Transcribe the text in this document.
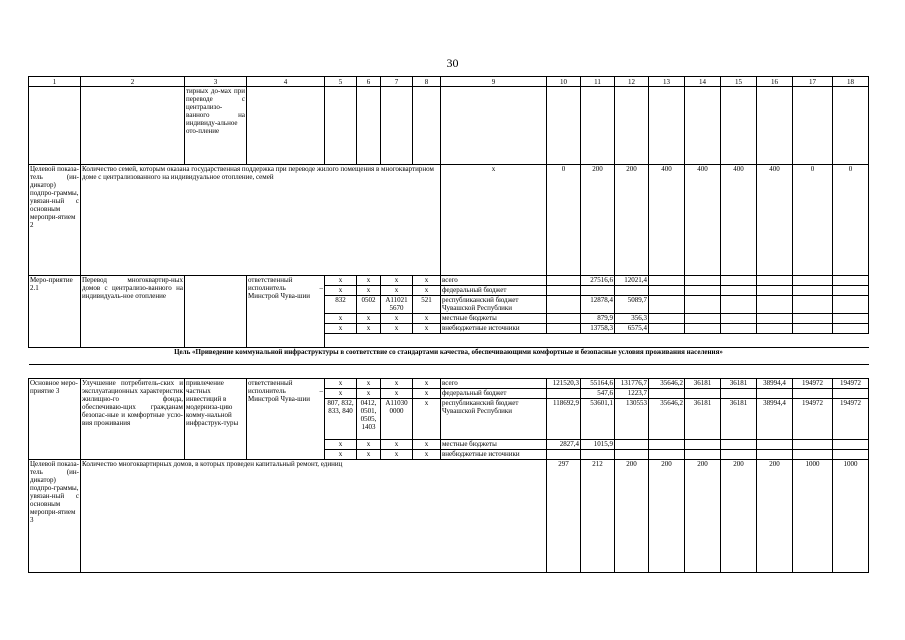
30
1	2	3	4	5	6	7	8	9	10	11	12	13	14	15	16	17	18
		тирных до-мах при переводе с централизо-ванного на индивиду-альное ото-пление															
Целевой показа-тель (ин-дикатор) подпро-граммы, увязан-ный с основным меропри-ятием 2	Количество семей, которым оказана государственная поддержка при переводе жилого помещения в многоквартирном доме с централизованного на индивидуальное отопление, семей							x	0	200	200	400	400	400	400	0	0
Меро-приятие 2.1	Перевод многоквартир-ных домов с централизо-ванного на индивидуаль-ное отопление		ответственный исполнитель – Минстрой Чува-шии	x	x	x	x	всего		27516,6	12021,4						
				x	x	x	x	федеральный бюджет									
				832	0502	A11021 5670	521	республиканский бюджет Чувашской Республики		12878,4	5089,7						
				x	x	x	x	местные бюджеты		879,9	356,3						
				x	x	x	x	внебюджетные источники		13758,3	6575,4						

Цель «Приведение коммунальной инфраструктуры в соответствие со стандартами качества, обеспечивающими комфортные и безопасные условия проживания населения»																	

Основное меро-приятие 3	Улучшение потребитель-ских и эксплуатационных характеристик жилищно-го фонда, обеспечиваю-щих гражданам безопас-ные и комфортные усло-вия проживания	привлечение частных инвестиций в модерниза-цию комму-нальной инфраструк-туры	ответственный исполнитель – Минстрой Чува-шии	x	x	x	x	всего	121520,3	55164,6	131776,7	35646,2	36181	36181	38994,4	194972	194972
				x	x	x	x	федеральный бюджет		547,6	1223,7						
				807, 832, 833, 840	0412, 0501, 0505, 1403	A11030 0000	x	республиканский бюджет Чувашской Республики	118692,9	53601,1	130553	35646,2	36181	36181	38994,4	194972	194972
				x	x	x	x	местные бюджеты	2827,4	1015,9							
				x	x	x	x	внебюджетные источники									
Целевой показа-тель (ин-дикатор) подпро-граммы, увязан-ный с основным меропри-ятием 3	Количество многоквартирных домов, в которых проведен капитальный ремонт, единиц								297	212	200	200	200	200	200	1000	1000
